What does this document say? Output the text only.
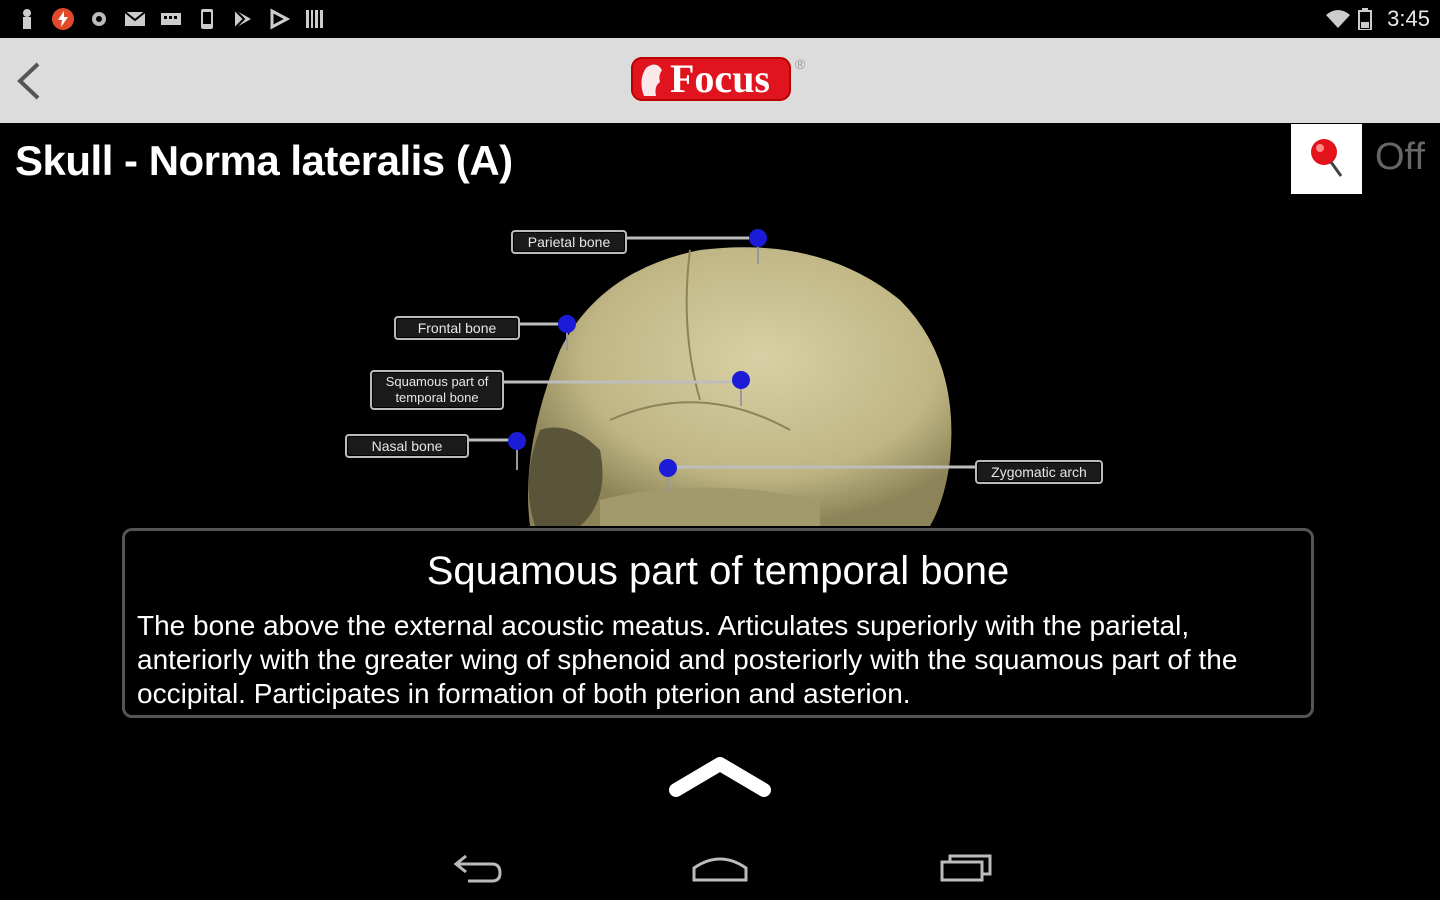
3:45
Focus ®
Skull - Norma lateralis (A)	Off
Parietal bone
Frontal bone
Squamous part of temporal bone
Nasal bone
Zygomatic arch
Squamous part of temporal bone
The bone above the external acoustic meatus. Articulates superiorly with the parietal, anteriorly with the greater wing of sphenoid and posteriorly with the squamous part of the occipital. Participates in formation of both pterion and asterion.
